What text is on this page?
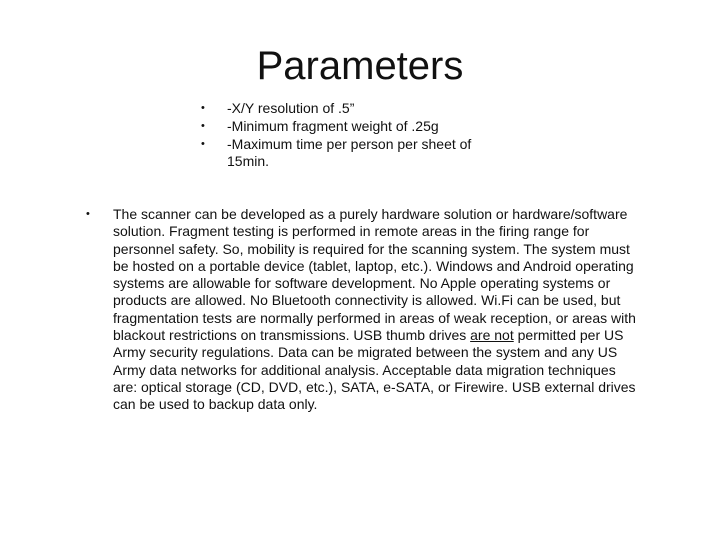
Parameters
• -X/Y resolution of .5”
• -Minimum fragment weight of .25g
• -Maximum time per person per sheet of 15min.
• The scanner can be developed as a purely hardware solution or hardware/software solution. Fragment testing is performed in remote areas in the firing range for personnel safety. So, mobility is required for the scanning system. The system must be hosted on a portable device (tablet, laptop, etc.). Windows and Android operating systems are allowable for software development. No Apple operating systems or products are allowed. No Bluetooth connectivity is allowed. Wi.Fi can be used, but fragmentation tests are normally performed in areas of weak reception, or areas with blackout restrictions on transmissions. USB thumb drives are not permitted per US Army security regulations. Data can be migrated between the system and any US Army data networks for additional analysis. Acceptable data migration techniques are: optical storage (CD, DVD, etc.), SATA, e-SATA, or Firewire. USB external drives can be used to backup data only.
